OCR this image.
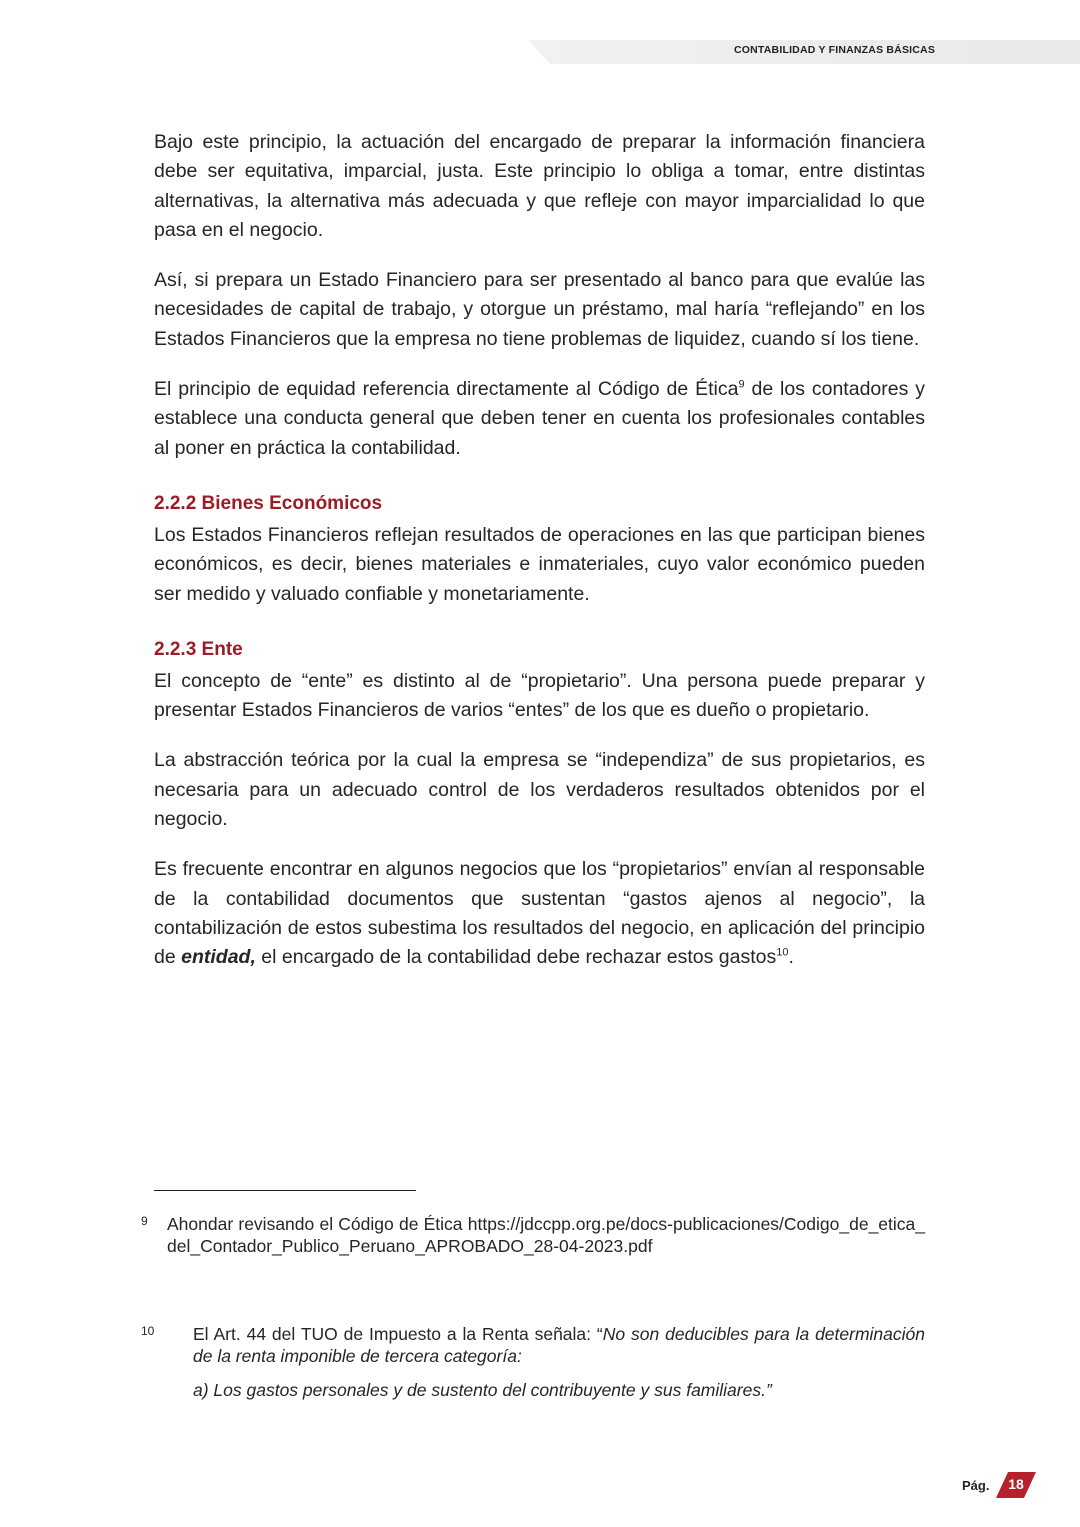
CONTABILIDAD Y FINANZAS BÁSICAS

Bajo este principio, la actuación del encargado de preparar la información financiera debe ser equitativa, imparcial, justa. Este principio lo obliga a tomar, entre distintas alternativas, la alternativa más adecuada y que refleje con mayor imparcialidad lo que pasa en el negocio.

Así, si prepara un Estado Financiero para ser presentado al banco para que evalúe las necesidades de capital de trabajo, y otorgue un préstamo, mal haría “reflejando” en los Estados Financieros que la empresa no tiene problemas de liquidez, cuando sí los tiene.

El principio de equidad referencia directamente al Código de Ética$^9$ de los contadores y establece una conducta general que deben tener en cuenta los profesionales contables al poner en práctica la contabilidad.

2.2.2 Bienes Económicos

Los Estados Financieros reflejan resultados de operaciones en las que participan bienes económicos, es decir, bienes materiales e inmateriales, cuyo valor económico pueden ser medido y valuado confiable y monetariamente.

2.2.3 Ente

El concepto de “ente” es distinto al de “propietario”. Una persona puede preparar y presentar Estados Financieros de varios “entes” de los que es dueño o propietario.

La abstracción teórica por la cual la empresa se “independiza” de sus propietarios, es necesaria para un adecuado control de los verdaderos resultados obtenidos por el negocio.

Es frecuente encontrar en algunos negocios que los “propietarios” envían al responsable de la contabilidad documentos que sustentan “gastos ajenos al negocio”, la contabilización de estos subestima los resultados del negocio, en aplicación del principio de entidad, el encargado de la contabilidad debe rechazar estos gastos$^{10}$.

9 Ahondar revisando el Código de Ética https://jdccpp.org.pe/docs-publicaciones/Codigo_de_etica_del_Contador_Publico_Peruano_APROBADO_28-04-2023.pdf
10 El Art. 44 del TUO de Impuesto a la Renta señala: “No son deducibles para la determinación de la renta imponible de tercera categoría:
a) Los gastos personales y de sustento del contribuyente y sus familiares.”
Pág.	18
